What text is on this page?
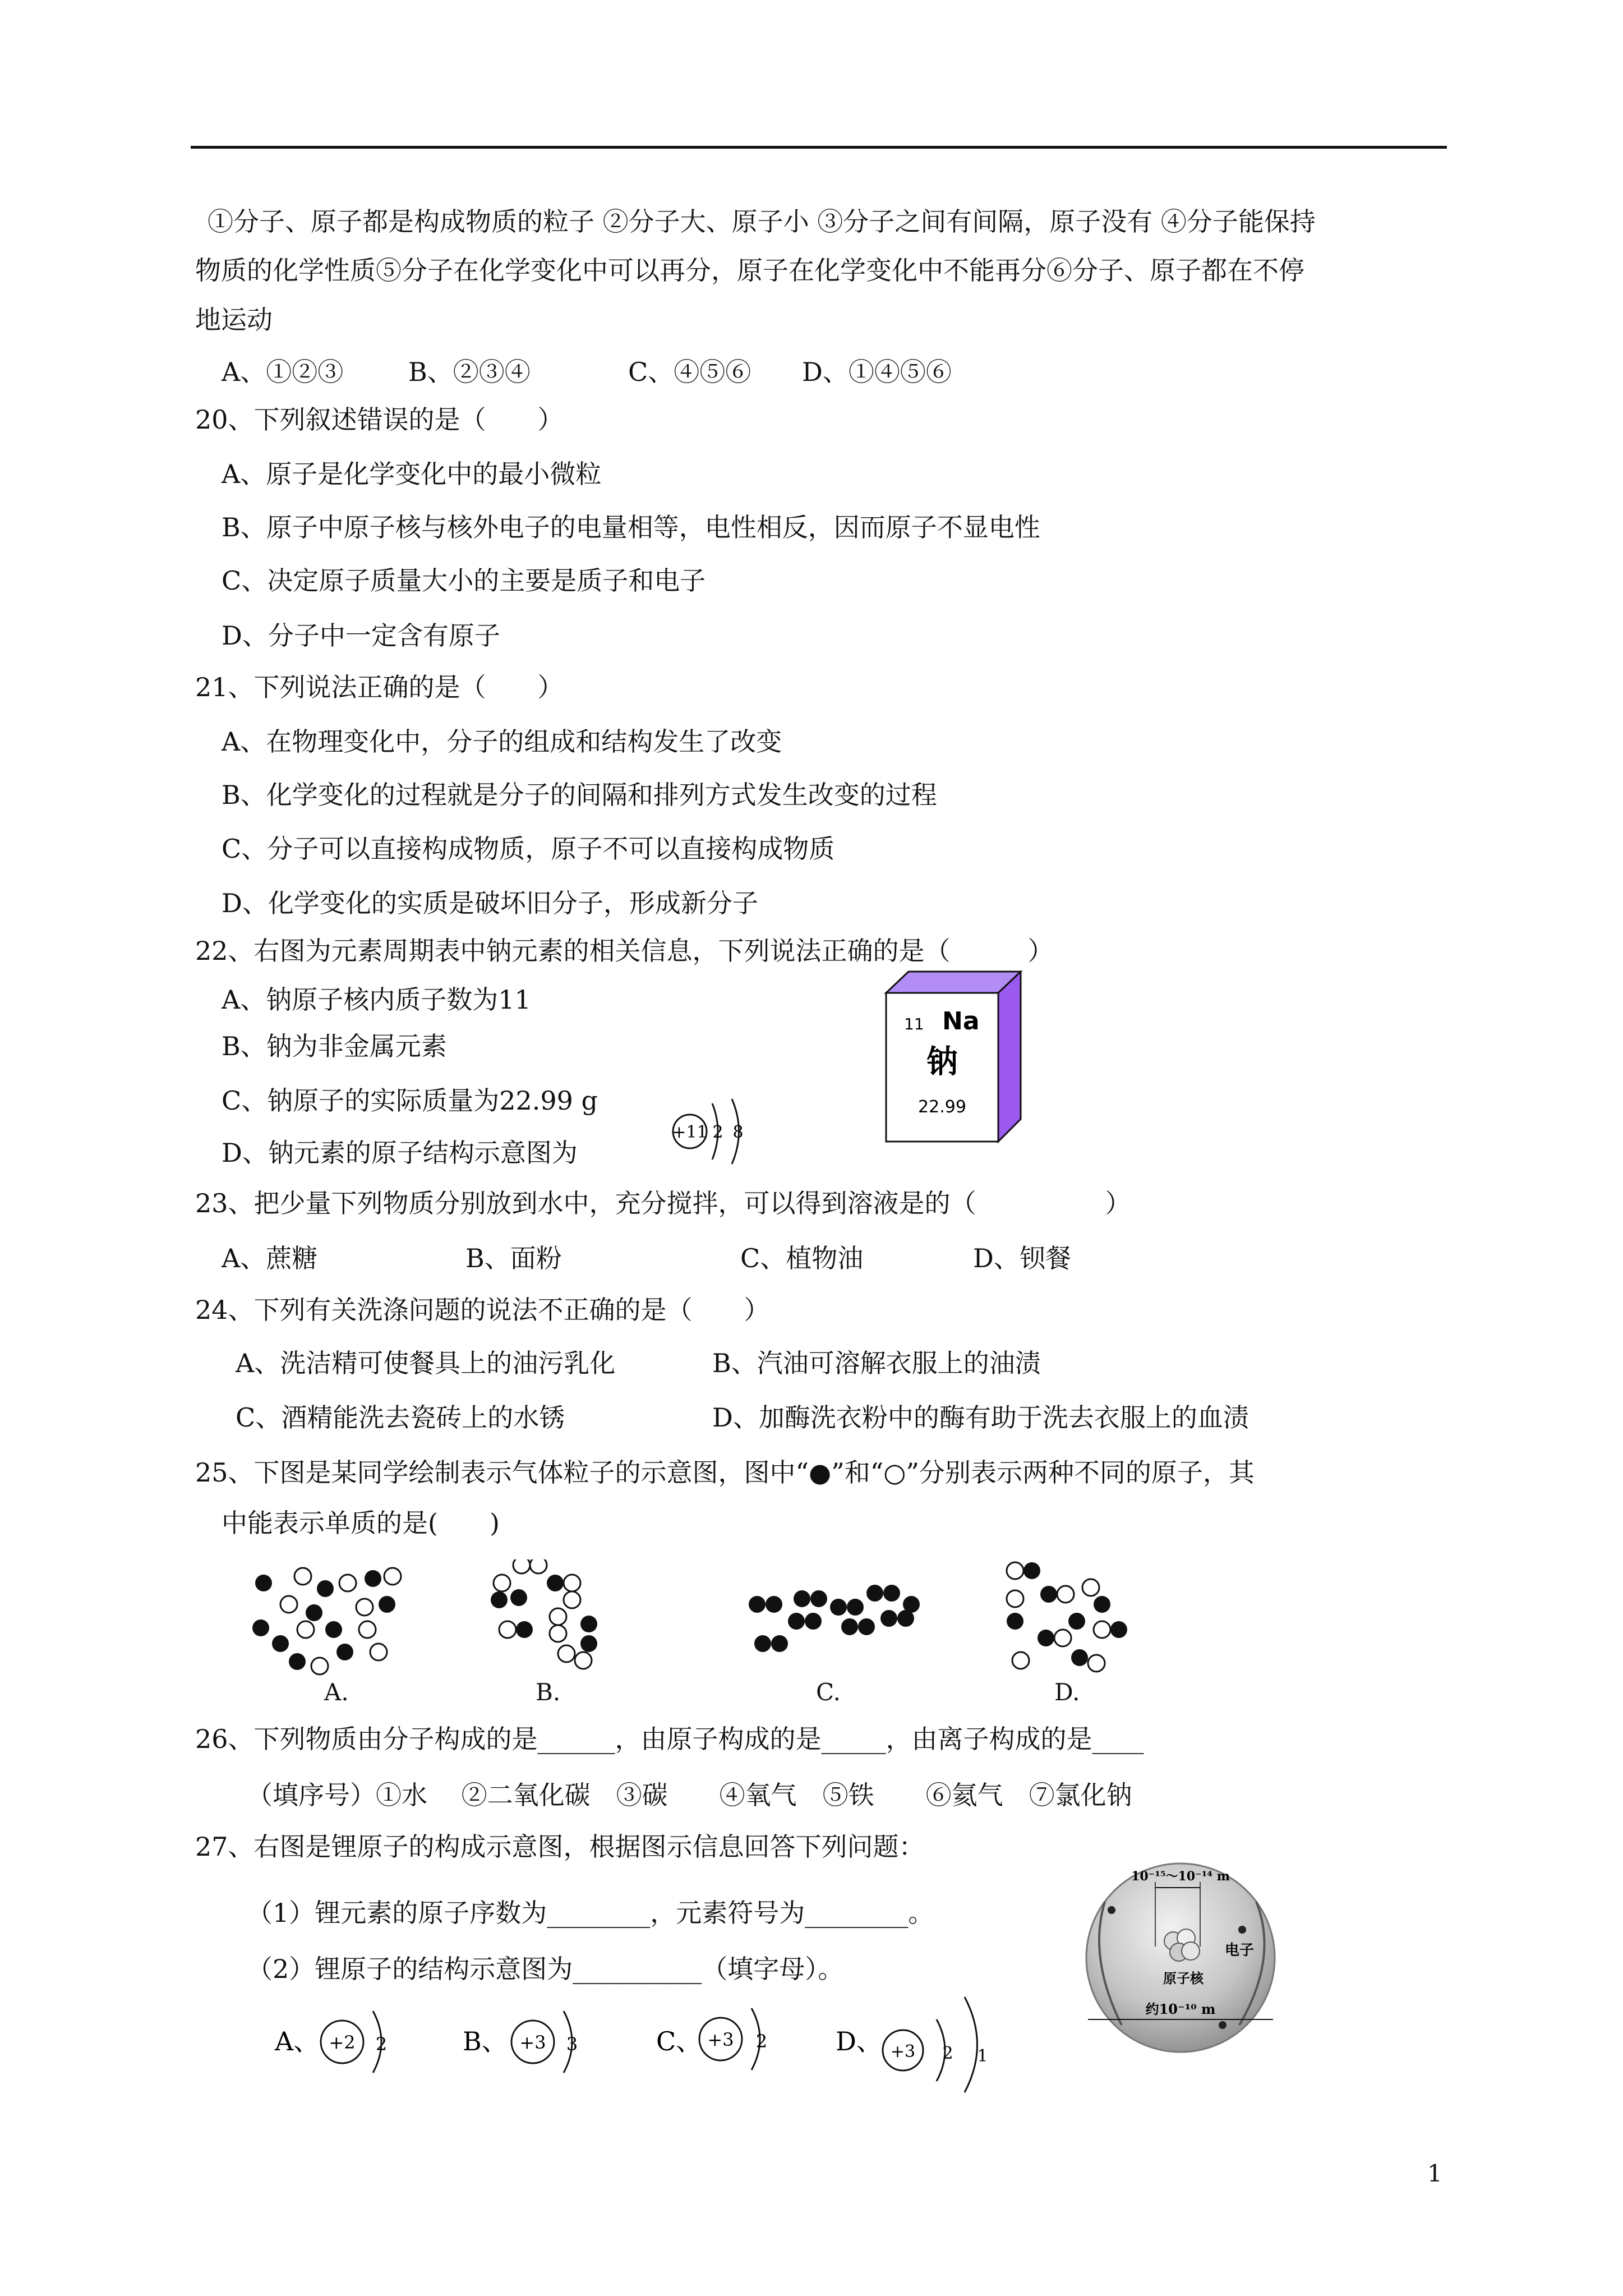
①分子、原子都是构成物质的粒子 ②分子大、原子小 ③分子之间有间隔，原子没有 ④分子能保持
物质的化学性质⑤分子在化学变化中可以再分，原子在化学变化中不能再分⑥分子、原子都在不停
地运动
A、①②③	B、②③④	C、④⑤⑥ D、①④⑤⑥
20、下列叙述错误的是（　　）
A、原子是化学变化中的最小微粒
B、原子中原子核与核外电子的电量相等，电性相反，因而原子不显电性
C、决定原子质量大小的主要是质子和电子
D、分子中一定含有原子
21、下列说法正确的是（　　）
A、在物理变化中，分子的组成和结构发生了改变
B、化学变化的过程就是分子的间隔和排列方式发生改变的过程
C、分子可以直接构成物质，原子不可以直接构成物质
D、化学变化的实质是破坏旧分子，形成新分子
22、右图为元素周期表中钠元素的相关信息，下列说法正确的是（　　　）
A、钠原子核内质子数为11
B、钠为非金属元素
C、钠原子的实际质量为22.99 g
D、钠元素的原子结构示意图为
+11 2 8
11 Na
钠
22.99
23、把少量下列物质分别放到水中，充分搅拌，可以得到溶液是的（　　　　　）
A、蔗糖	B、面粉	C、植物油	D、钡餐
24、下列有关洗涤问题的说法不正确的是（　　）
A、洗洁精可使餐具上的油污乳化	B、汽油可溶解衣服上的油渍
C、酒精能洗去瓷砖上的水锈	D、加酶洗衣粉中的酶有助于洗去衣服上的血渍
25、下图是某同学绘制表示气体粒子的示意图，图中“●”和“○”分别表示两种不同的原子，其
中能表示单质的是(　　)
A.	B.	C.	D.
26、下列物质由分子构成的是______，由原子构成的是_____，由离子构成的是____
（填序号）①水　 ②二氧化碳　③碳　　④氧气　⑤铁　　⑥氦气　⑦氯化钠
27、右图是锂原子的构成示意图，根据图示信息回答下列问题：
（1）锂元素的原子序数为________，元素符号为________。
（2）锂原子的结构示意图为__________（填字母）。
A、 +2 2	B、 +3 3	C、 +3 2	D、 +3 2 1
10⁻¹⁵～10⁻¹⁴ m
电子
原子核
约10⁻¹⁰ m
1
